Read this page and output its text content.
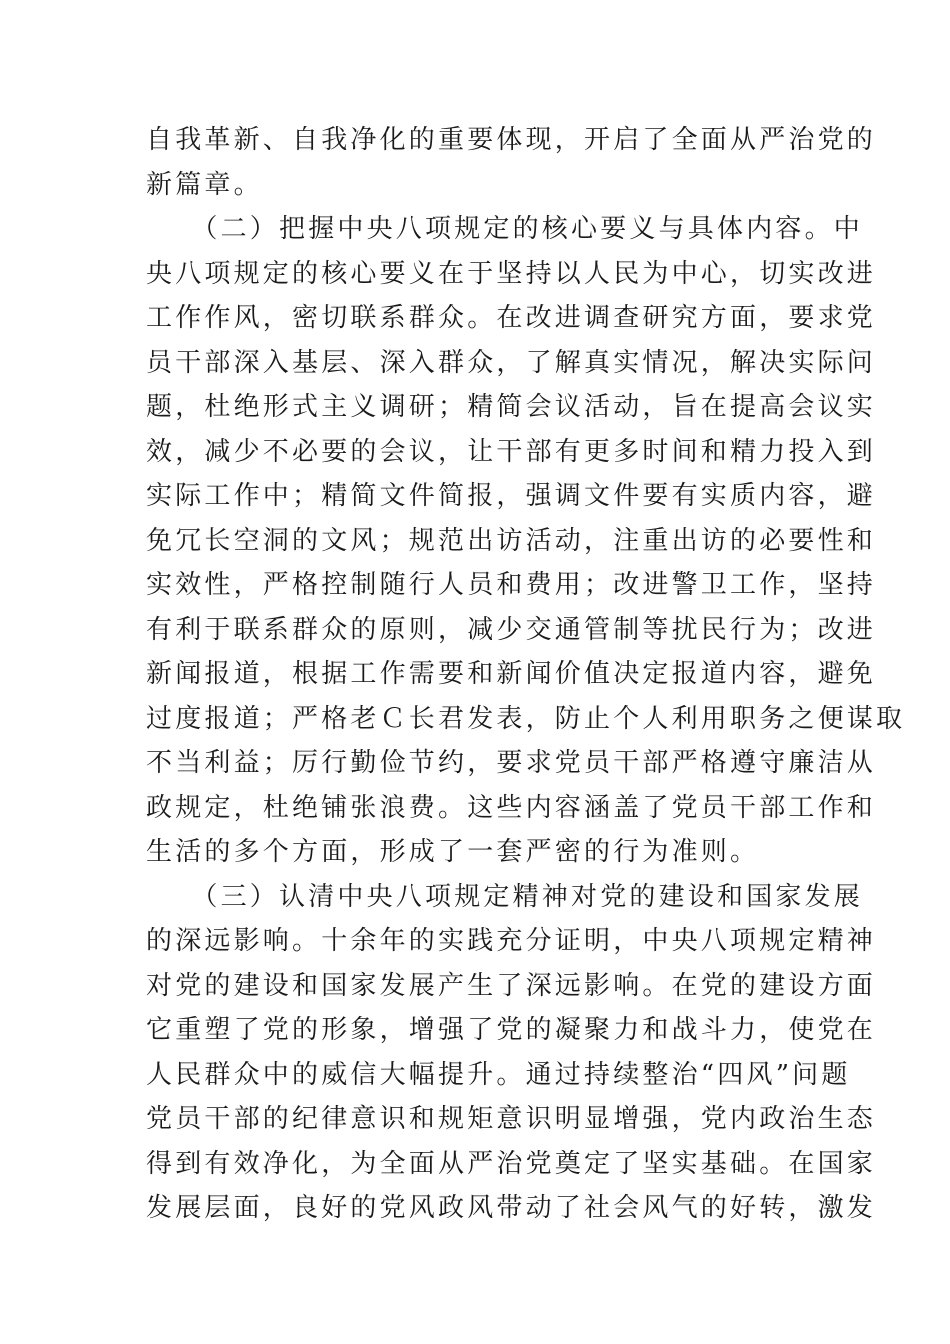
自我革新、自我净化的重要体现，开启了全面从严治党的
新篇章。

　　（二）把握中央八项规定的核心要义与具体内容。中
央八项规定的核心要义在于坚持以人民为中心，切实改进
工作作风，密切联系群众。在改进调查研究方面，要求党
员干部深入基层、深入群众，了解真实情况，解决实际问
题，杜绝形式主义调研；精简会议活动，旨在提高会议实
效，减少不必要的会议，让干部有更多时间和精力投入到
实际工作中；精简文件简报，强调文件要有实质内容，避
免冗长空洞的文风；规范出访活动，注重出访的必要性和
实效性，严格控制随行人员和费用；改进警卫工作，坚持
有利于联系群众的原则，减少交通管制等扰民行为；改进
新闻报道，根据工作需要和新闻价值决定报道内容，避免
过度报道；严格老Ｃ长君发表，防止个人利用职务之便谋取
不当利益；厉行勤俭节约，要求党员干部严格遵守廉洁从
政规定，杜绝铺张浪费。这些内容涵盖了党员干部工作和
生活的多个方面，形成了一套严密的行为准则。

　　（三）认清中央八项规定精神对党的建设和国家发展
的深远影响。十余年的实践充分证明，中央八项规定精神
对党的建设和国家发展产生了深远影响。在党的建设方面
它重塑了党的形象，增强了党的凝聚力和战斗力，使党在
人民群众中的威信大幅提升。通过持续整治“四风”问题
党员干部的纪律意识和规矩意识明显增强，党内政治生态
得到有效净化，为全面从严治党奠定了坚实基础。在国家
发展层面，良好的党风政风带动了社会风气的好转，激发
